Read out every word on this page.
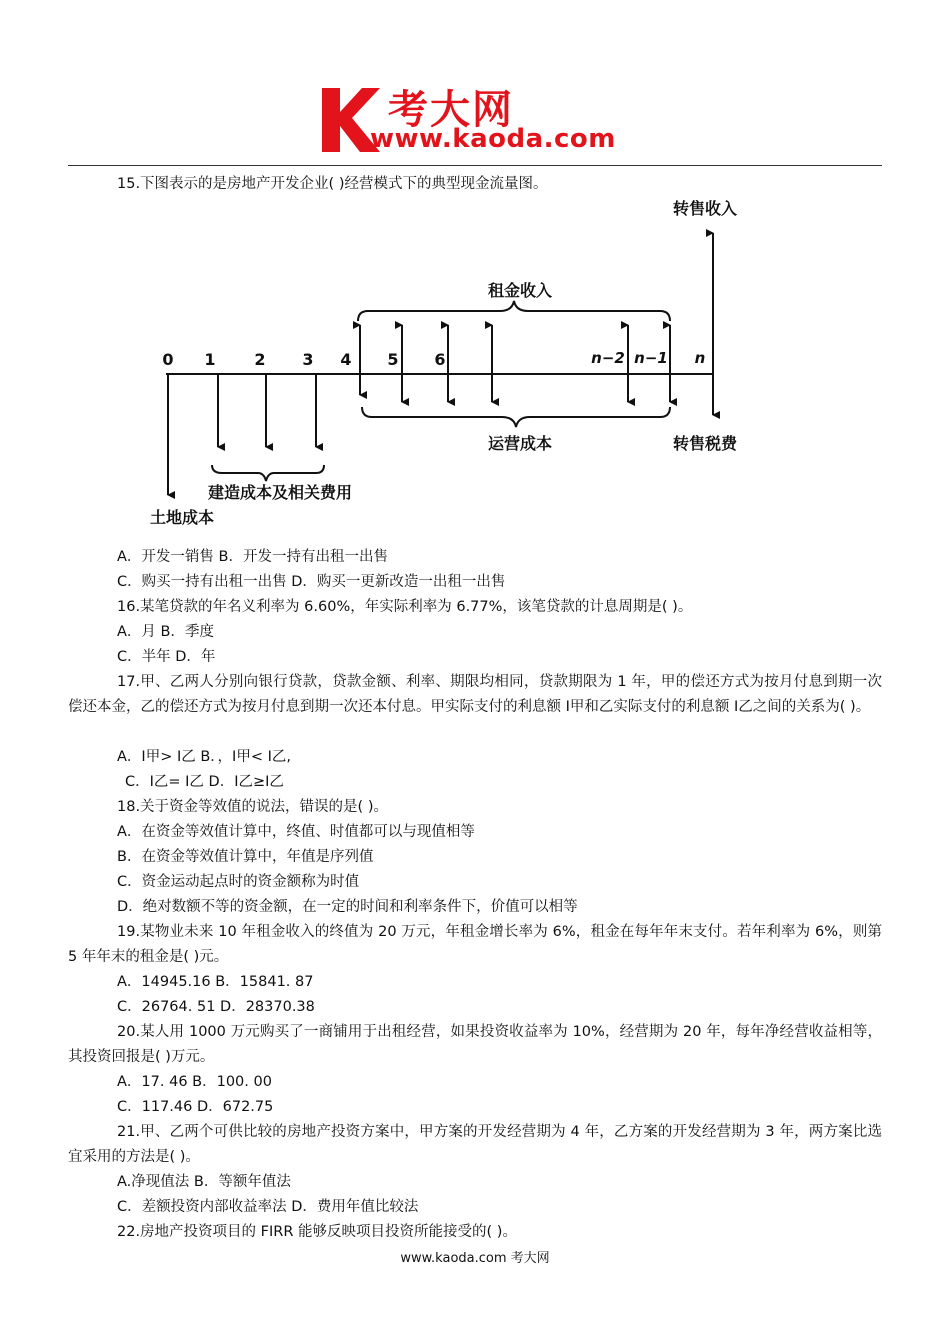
考大网
www.kaoda.com
15.下图表示的是房地产开发企业( )经营模式下的典型现金流量图。
0 1 2 3 4 5 6	n−2 n−1 n
转售收入
租金收入
运营成本	转售税费
建造成本及相关费用
土地成本
A．开发一销售 B．开发一持有出租一出售
C．购买一持有出租一出售 D．购买一更新改造一出租一出售
16.某笔贷款的年名义利率为 6.60%，年实际利率为 6.77%，该笔贷款的计息周期是( )。
A．月 B．季度
C．半年 D．年
17.甲、乙两人分别向银行贷款，贷款金额、利率、期限均相同，贷款期限为 1 年，甲的偿还方式为按月付息到期一次偿还本金，乙的偿还方式为按月付息到期一次还本付息。甲实际支付的利息额 I甲和乙实际支付的利息额 I乙之间的关系为( )。
A．I甲> I乙 B．，I甲< I乙,
C．I乙= I乙 D．I乙≥I乙
18.关于资金等效值的说法，错误的是( )。
A．在资金等效值计算中，终值、时值都可以与现值相等
B．在资金等效值计算中，年值是序列值
C．资金运动起点时的资金额称为时值
D．绝对数额不等的资金额，在一定的时间和利率条件下，价值可以相等
19.某物业未来 10 年租金收入的终值为 20 万元，年租金增长率为 6%，租金在每年年末支付。若年利率为 6%，则第 5 年年末的租金是( )元。
A．14945.16 B．15841. 87
C．26764. 51 D．28370.38
20.某人用 1000 万元购买了一商铺用于出租经营，如果投资收益率为 10%，经营期为 20 年，每年净经营收益相等，其投资回报是( )万元。
A．17. 46 B．100. 00
C．117.46 D．672.75
21.甲、乙两个可供比较的房地产投资方案中，甲方案的开发经营期为 4 年，乙方案的开发经营期为 3 年，两方案比选宜采用的方法是( )。
A.净现值法 B．等额年值法
C．差额投资内部收益率法 D．费用年值比较法
22.房地产投资项目的 FIRR 能够反映项目投资所能接受的( )。
www.kaoda.com 考大网
